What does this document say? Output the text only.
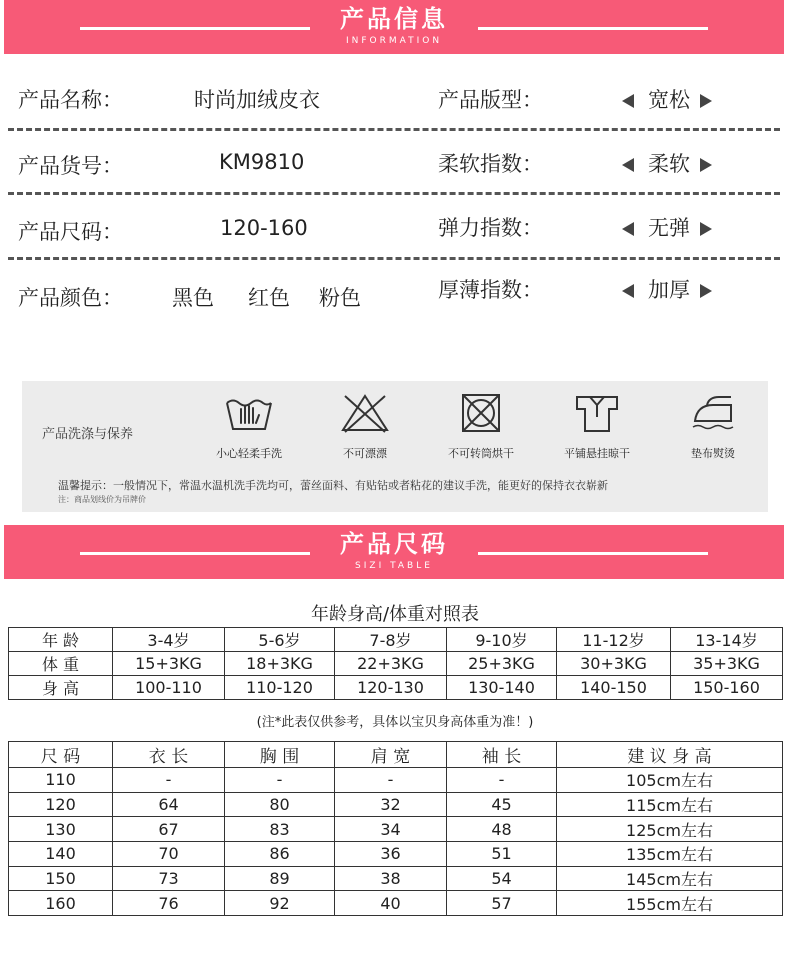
产品信息
INFORMATION
产品名称：	时尚加绒皮衣	产品版型：	宽松
产品货号：	KM9810	柔软指数：	柔软
产品尺码：	120-160	弹力指数：	无弹
产品颜色： 黑色 红色 粉色	厚薄指数：	加厚
产品洗涤与保养
小心轻柔手洗	不可漂漂	不可转筒烘干	平铺悬挂晾干	垫布熨烫
温馨提示：一般情况下，常温水温机洗手洗均可，蕾丝面料、有贴钻或者粘花的建议手洗，能更好的保持衣衣崭新
注：商品划线价为吊牌价
产品尺码
SIZI TABLE
年龄身高/体重对照表
年 龄	3-4岁	5-6岁	7-8岁	9-10岁	11-12岁	13-14岁
体 重	15+3KG	18+3KG	22+3KG	25+3KG	30+3KG	35+3KG
身 高	100-110	110-120	120-130	130-140	140-150	150-160
(注*此表仅供参考，具体以宝贝身高体重为准！)
尺 码	衣 长	胸 围	肩 宽	袖 长	建 议 身 高
110	-	-	-	-	105cm左右
120	64	80	32	45	115cm左右
130	67	83	34	48	125cm左右
140	70	86	36	51	135cm左右
150	73	89	38	54	145cm左右
160	76	92	40	57	155cm左右
